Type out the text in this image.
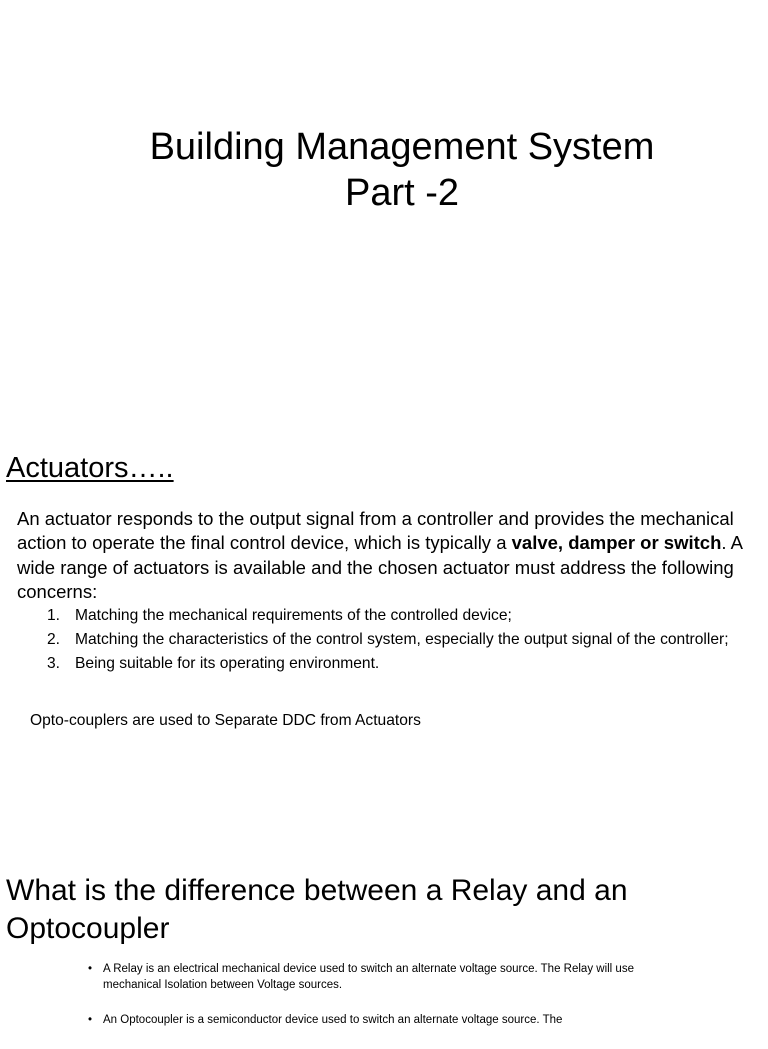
Building Management System
Part -2
Actuators…..
An actuator responds to the output signal from a controller and provides the mechanical action to operate the final control device, which is typically a valve, damper or switch. A wide range of actuators is available and the chosen actuator must address the following concerns:
1. Matching the mechanical requirements of the controlled device;
2. Matching the characteristics of the control system, especially the output signal of the controller;
3. Being suitable for its operating environment.
Opto-couplers are used to Separate DDC from Actuators
What is the difference between a Relay and an Optocoupler
• A Relay is an electrical mechanical device used to switch an alternate voltage source. The Relay will use mechanical Isolation between Voltage sources.
• An Optocoupler is a semiconductor device used to switch an alternate voltage source. The
